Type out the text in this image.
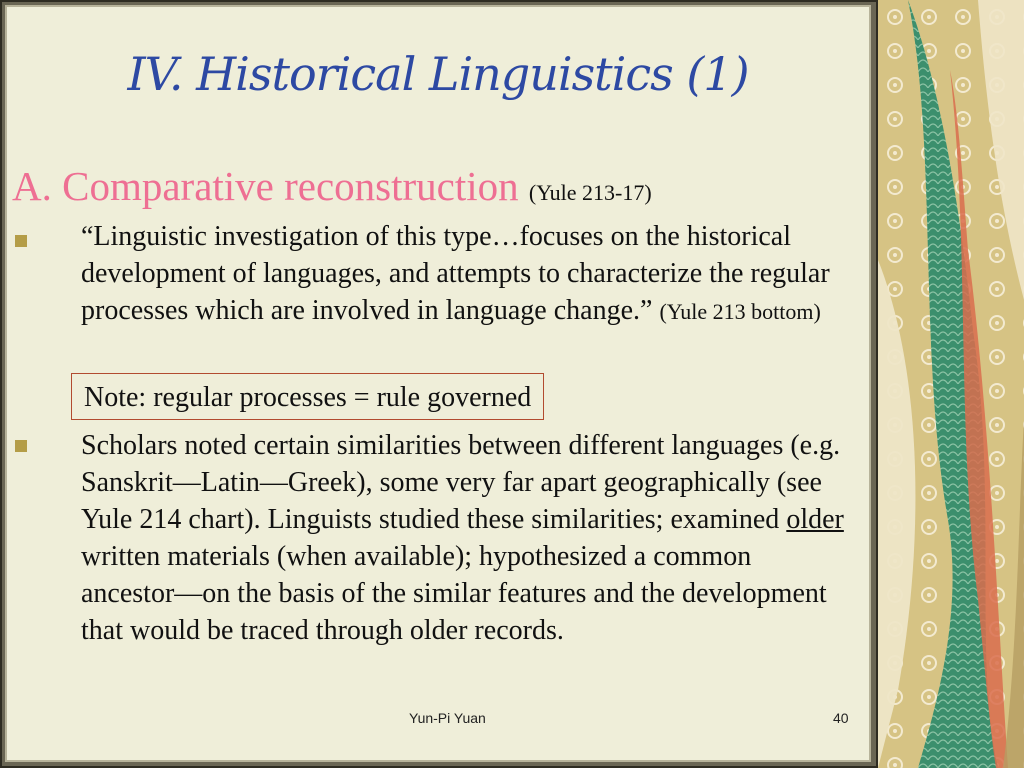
IV. Historical Linguistics (1)
A. Comparative reconstruction (Yule 213-17)
“Linguistic investigation of this type…focuses on the historical development of languages, and attempts to characterize the regular processes which are involved in language change.” (Yule 213 bottom)
Note: regular processes = rule governed
Scholars noted certain similarities between different languages (e.g. Sanskrit—Latin—Greek), some very far apart geographically (see Yule 214 chart). Linguists studied these similarities; examined older written materials (when available); hypothesized a common ancestor—on the basis of the similar features and the development that would be traced through older records.
Yun-Pi Yuan	40
